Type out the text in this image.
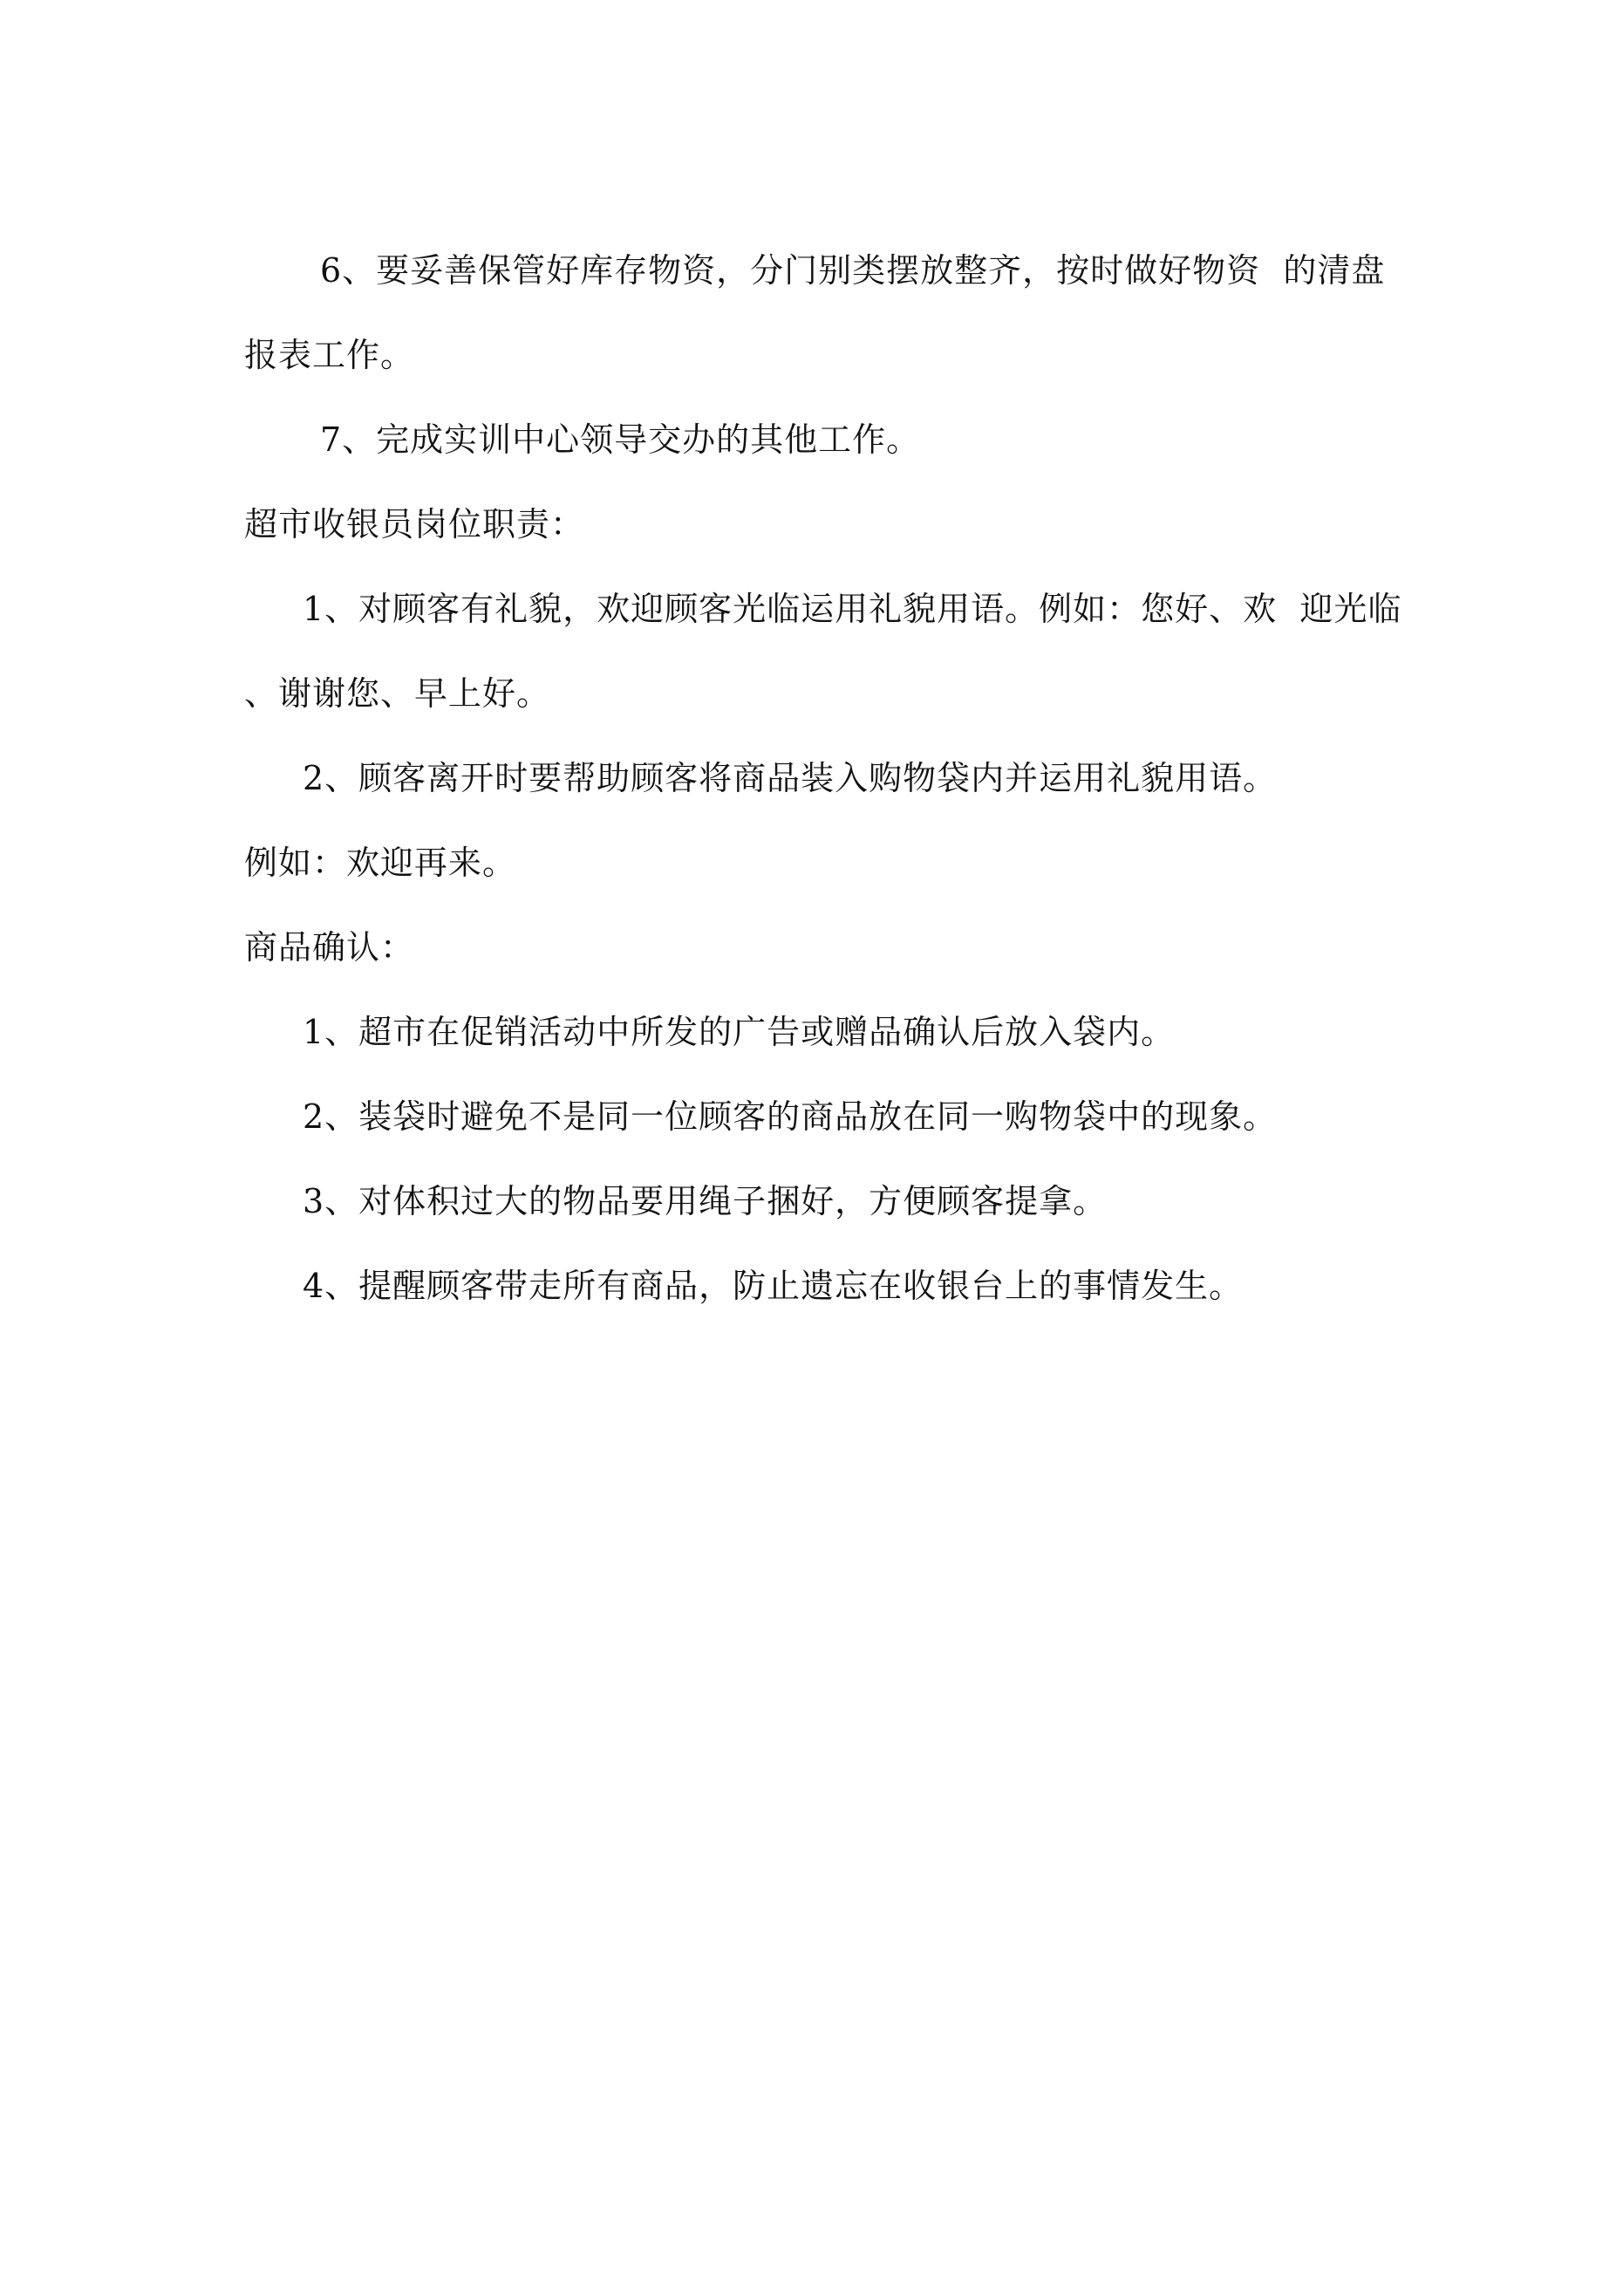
6、要妥善保管好库存物资，分门别类摆放整齐，按时做好物资  的清盘
报表工作。
7、完成实训中心领导交办的其他工作。
超市收银员岗位职责：
1、对顾客有礼貌，欢迎顾客光临运用礼貌用语。例如：您好、欢  迎光临
、谢谢您、早上好。
2、顾客离开时要帮助顾客将商品装入购物袋内并运用礼貌用语。
例如：欢迎再来。
商品确认：
1、超市在促销活动中所发的广告或赠品确认后放入袋内。
2、装袋时避免不是同一位顾客的商品放在同一购物袋中的现象。
3、对体积过大的物品要用绳子捆好，方便顾客提拿。
4、提醒顾客带走所有商品，防止遗忘在收银台上的事情发生。
